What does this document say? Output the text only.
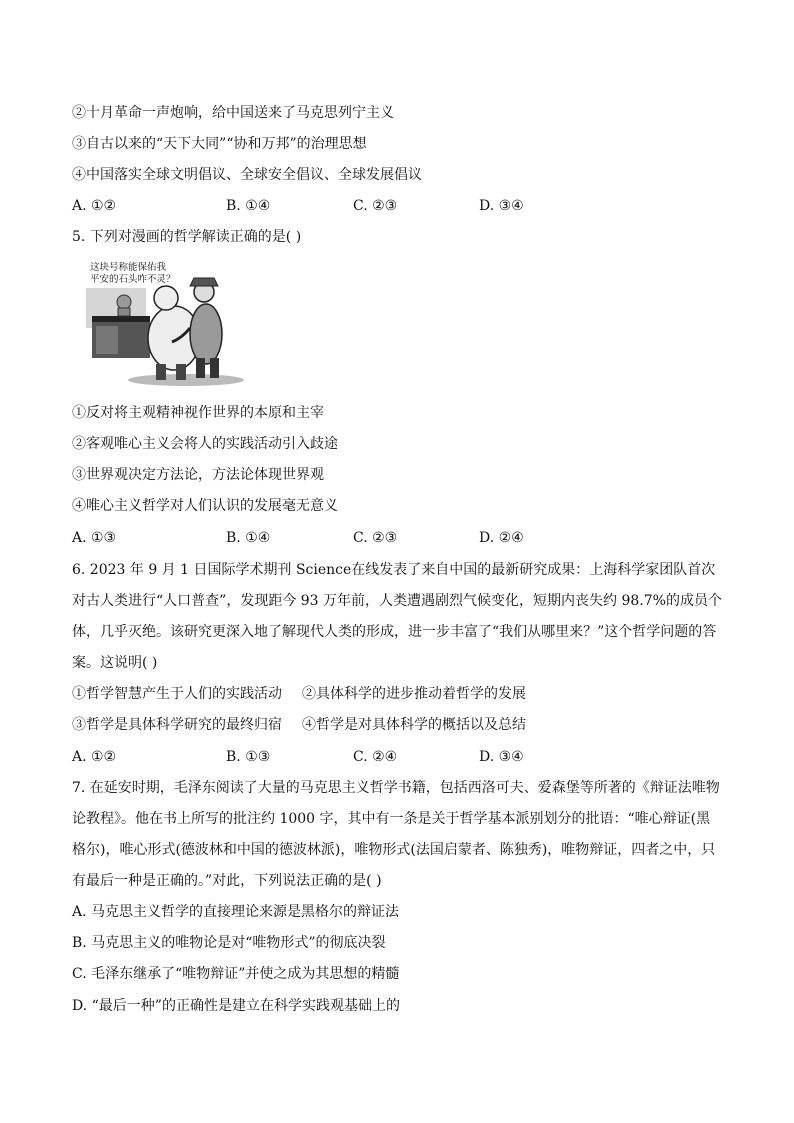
②十月革命一声炮响，给中国送来了马克思列宁主义
③自古以来的“天下大同”“协和万邦”的治理思想
④中国落实全球文明倡议、全球安全倡议、全球发展倡议
A. ①②	B. ①④	C. ②③	D. ③④
5. 下列对漫画的哲学解读正确的是( )
这块号称能保佑我
平安的石头咋不灵？
①反对将主观精神视作世界的本原和主宰
②客观唯心主义会将人的实践活动引入歧途
③世界观决定方法论，方法论体现世界观
④唯心主义哲学对人们认识的发展毫无意义
A. ①③	B. ①④	C. ②③	D. ②④
6. 2023 年 9 月 1 日国际学术期刊 Science在线发表了来自中国的最新研究成果：上海科学家团队首次对古人类进行“人口普查”，发现距今 93 万年前，人类遭遇剧烈气候变化，短期内丧失约 98.7%的成员个体，几乎灭绝。该研究更深入地了解现代人类的形成，进一步丰富了“我们从哪里来？”这个哲学问题的答案。这说明( )
①哲学智慧产生于人们的实践活动 ②具体科学的进步推动着哲学的发展
③哲学是具体科学研究的最终归宿 ④哲学是对具体科学的概括以及总结
A. ①②	B. ①③	C. ②④	D. ③④
7. 在延安时期，毛泽东阅读了大量的马克思主义哲学书籍，包括西洛可夫、爱森堡等所著的《辩证法唯物论教程》。他在书上所写的批注约 1000 字，其中有一条是关于哲学基本派别划分的批语：“唯心辩证(黑格尔)，唯心形式(德波林和中国的德波林派)，唯物形式(法国启蒙者、陈独秀)，唯物辩证，四者之中，只有最后一种是正确的。”对此，下列说法正确的是( )
A. 马克思主义哲学的直接理论来源是黑格尔的辩证法
B. 马克思主义的唯物论是对“唯物形式”的彻底决裂
C. 毛泽东继承了“唯物辩证”并使之成为其思想的精髓
D. “最后一种”的正确性是建立在科学实践观基础上的
